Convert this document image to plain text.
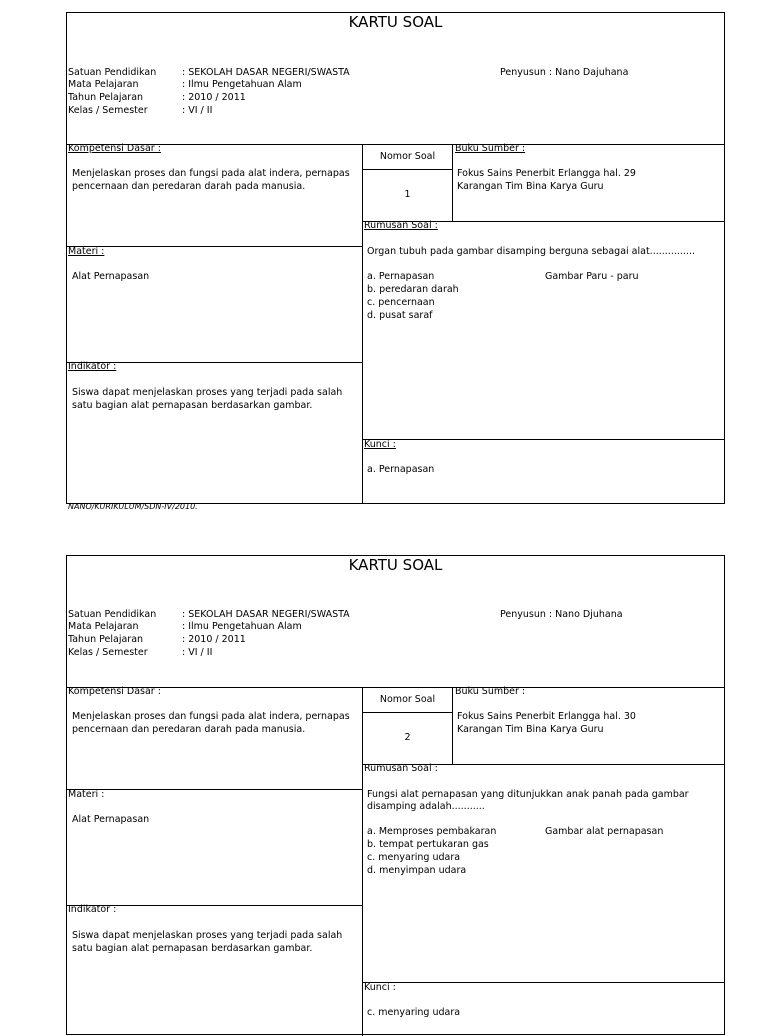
KARTU SOAL
Satuan Pendidikan	: SEKOLAH DASAR NEGERI/SWASTA
Mata Pelajaran	: Ilmu Pengetahuan Alam
Tahun Pelajaran	: 2010 / 2011
Kelas / Semester	: VI / II
Penyusun : Nano Dajuhana
Kompetensi Dasar :
Menjelaskan proses dan fungsi pada alat indera, pernapas
pencernaan dan peredaran darah pada manusia.
Materi :
Alat Pernapasan
Indikator :
Siswa dapat menjelaskan proses yang terjadi pada salah
satu bagian alat pernapasan berdasarkan gambar.
Nomor Soal
1
Buku Sumber :
Fokus Sains Penerbit Erlangga hal. 29
Karangan Tim Bina Karya Guru
Rumusan Soal :
Organ tubuh pada gambar disamping berguna sebagai alat...............
a. Pernapasan
b. peredaran darah
c. pencernaan
d. pusat saraf
Gambar Paru - paru
Kunci :
a. Pernapasan
NANO/KURIKULUM/SDN-IV/2010.
KARTU SOAL
Satuan Pendidikan	: SEKOLAH DASAR NEGERI/SWASTA
Mata Pelajaran	: Ilmu Pengetahuan Alam
Tahun Pelajaran	: 2010 / 2011
Kelas / Semester	: VI / II
Penyusun : Nano Djuhana
Kompetensi Dasar :
Menjelaskan proses dan fungsi pada alat indera, pernapas
pencernaan dan peredaran darah pada manusia.
Materi :
Alat Pernapasan
Indikator :
Siswa dapat menjelaskan proses yang terjadi pada salah
satu bagian alat pernapasan berdasarkan gambar.
Nomor Soal
2
Buku Sumber :
Fokus Sains Penerbit Erlangga hal. 30
Karangan Tim Bina Karya Guru
Rumusan Soal :
Fungsi alat pernapasan yang ditunjukkan anak panah pada gambar
disamping adalah...........
a. Memproses pembakaran
b. tempat pertukaran gas
c. menyaring udara
d. menyimpan udara
Gambar alat pernapasan
Kunci :
c. menyaring udara
